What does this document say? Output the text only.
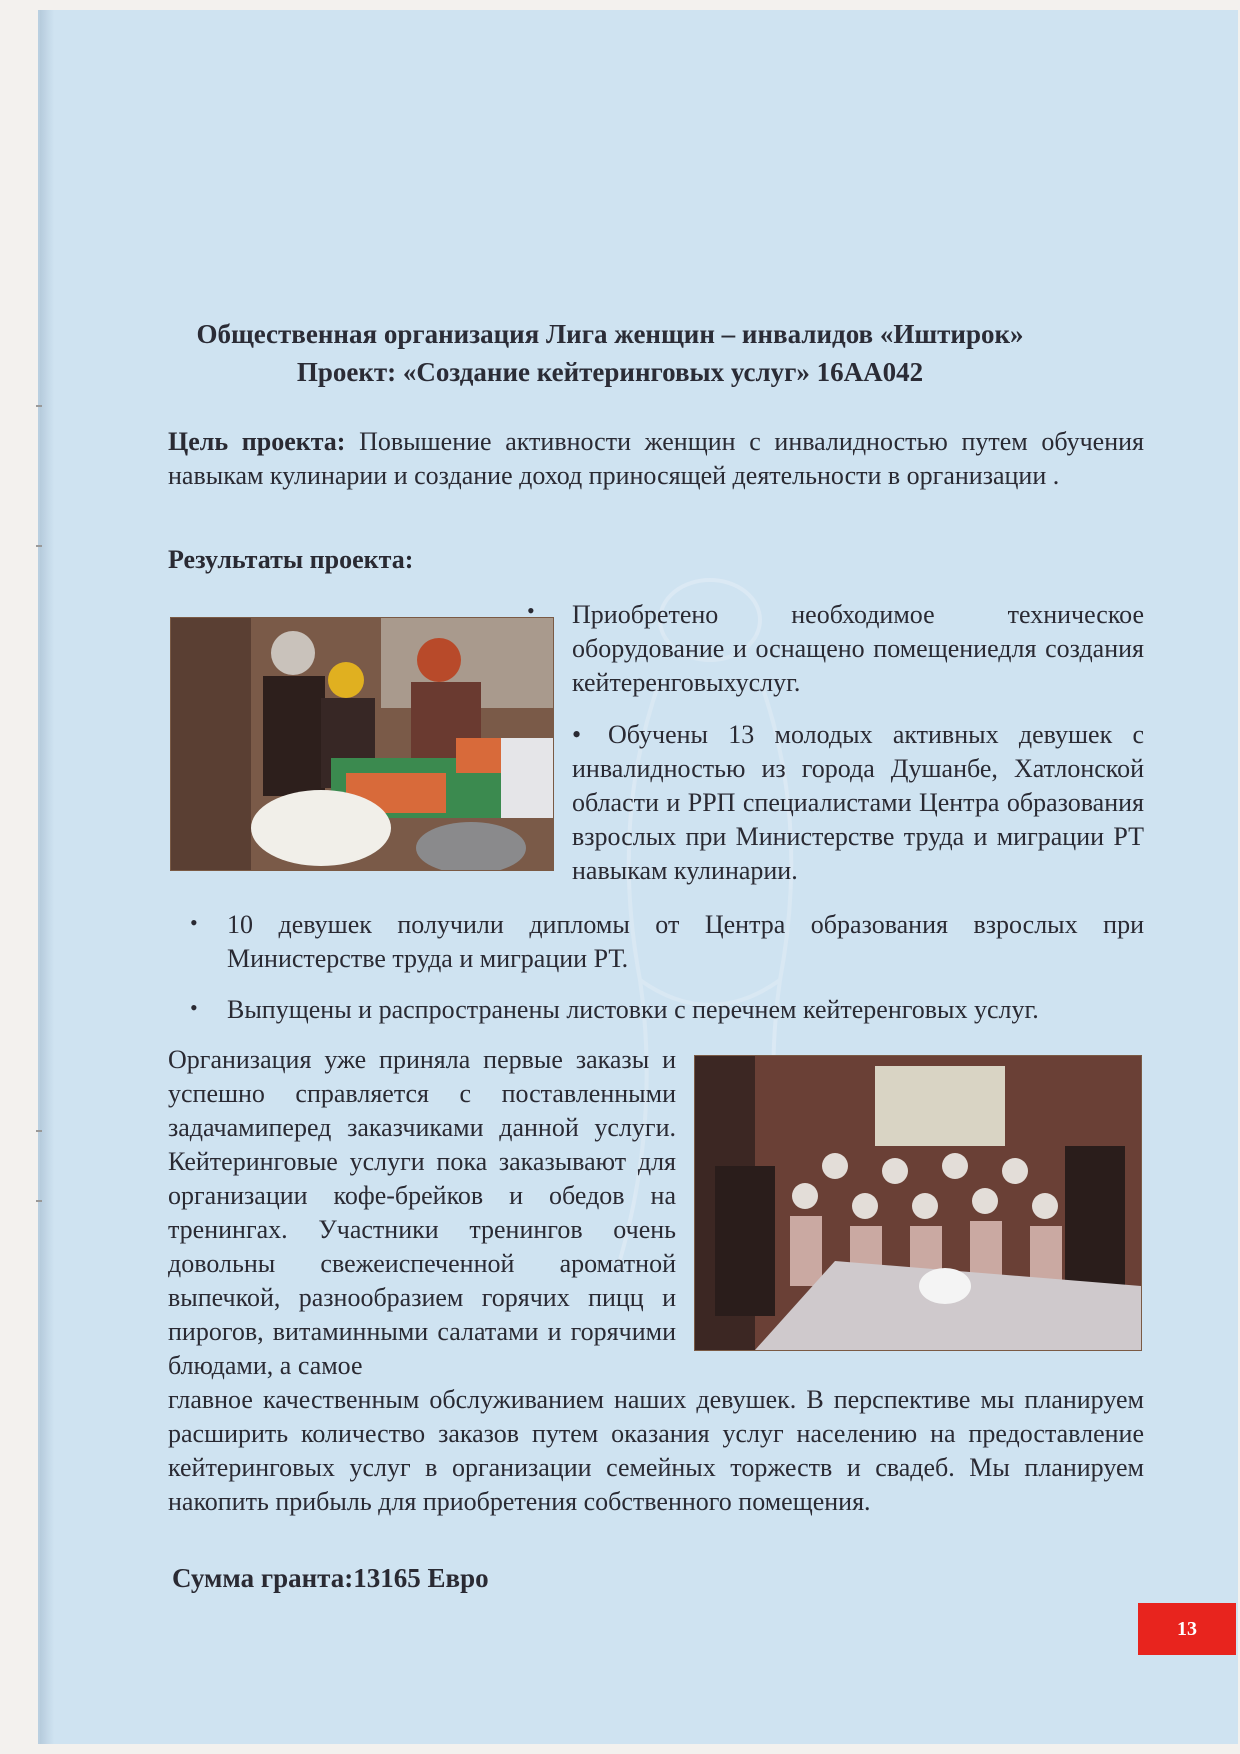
Общественная организация Лига женщин – инвалидов «Иштирок»
Проект: «Создание кейтеринговых услуг» 16АА042
Цель проекта: Повышение активности женщин с инвалидностью путем обучения навыкам кулинарии и создание доход приносящей деятельности в организации .
Результаты проекта:
• Приобретено необходимое техническое оборудование и оснащено помещениедля создания кейтеренговыхуслуг.
• Обучены 13 молодых активных девушек с инвалидностью из города Душанбе, Хатлонской области и РРП специалистами Центра образования взрослых при Министерстве труда и миграции РТ навыкам кулинарии.
• 10 девушек получили дипломы от Центра образования взрослых при Министерстве труда и миграции РТ.
• Выпущены и распространены листовки с перечнем кейтеренговых услуг.
Организация уже приняла первые заказы и успешно справляется с поставленными задачамиперед заказчиками данной услуги. Кейтеринговые услуги пока заказывают для организации кофе-брейков и обедов на тренингах. Участники тренингов очень довольны свежеиспеченной ароматной выпечкой, разнообразием горячих пицц и пирогов, витаминными салатами и горячими блюдами, а самое
главное качественным обслуживанием наших девушек. В перспективе мы планируем расширить количество заказов путем оказания услуг населению на предоставление кейтеринговых услуг в организации семейных торжеств и свадеб. Мы планируем накопить прибыль для приобретения собственного помещения.
Сумма гранта:13165 Евро
13
